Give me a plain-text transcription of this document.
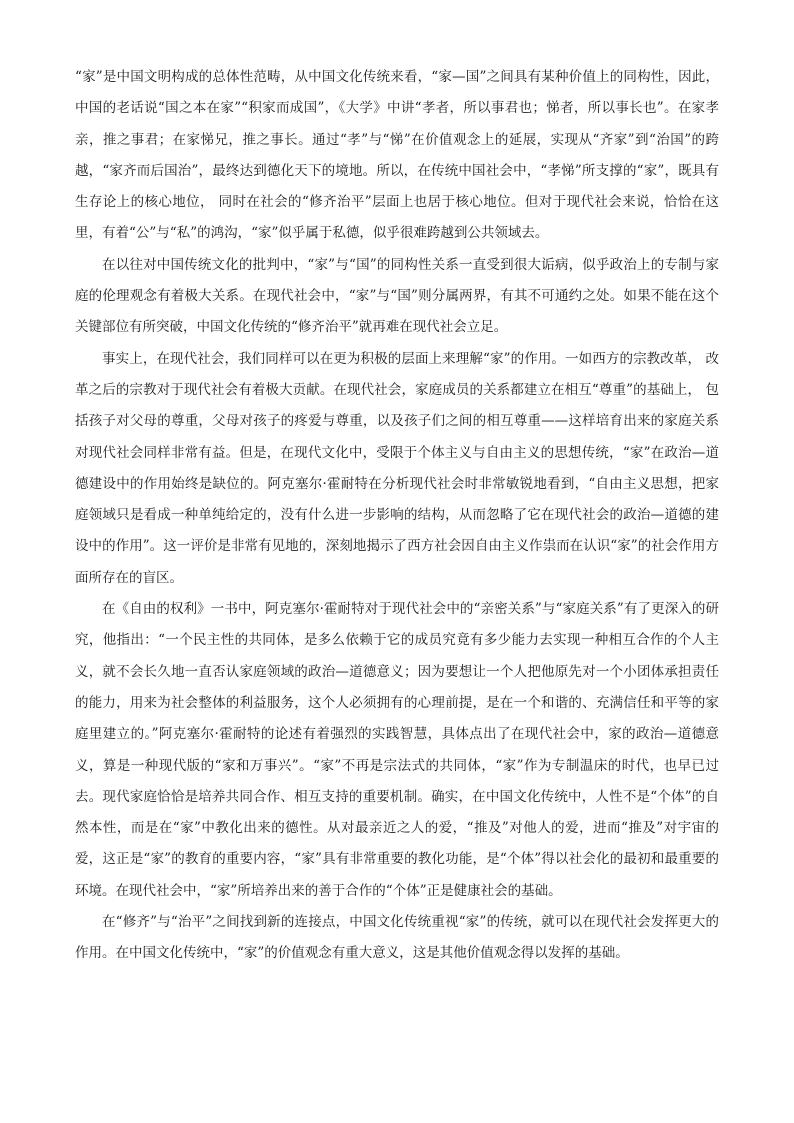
“家”是中国文明构成的总体性范畴，从中国文化传统来看，“家—国”之间具有某种价值上的同构性，因此，中国的老话说“国之本在家”“积家而成国”，《大学》中讲“孝者，所以事君也；悌者，所以事长也”。在家孝亲，推之事君；在家悌兄，推之事长。通过“孝”与“悌”在价值观念上的延展，实现从“齐家”到“治国”的跨越，“家齐而后国治”，最终达到德化天下的境地。所以，在传统中国社会中，“孝悌”所支撑的“家”，既具有生存论上的核心地位， 同时在社会的“修齐治平”层面上也居于核心地位。但对于现代社会来说，恰恰在这里，有着“公”与“私”的鸿沟，“家”似乎属于私德，似乎很难跨越到公共领域去。

在以往对中国传统文化的批判中，“家”与“国”的同构性关系一直受到很大诟病，似乎政治上的专制与家庭的伦理观念有着极大关系。在现代社会中，“家”与“国”则分属两界，有其不可通约之处。如果不能在这个关键部位有所突破，中国文化传统的“修齐治平”就再难在现代社会立足。

事实上，在现代社会，我们同样可以在更为积极的层面上来理解“家”的作用。一如西方的宗教改革， 改革之后的宗教对于现代社会有着极大贡献。在现代社会，家庭成员的关系都建立在相互“尊重”的基础上， 包括孩子对父母的尊重，父母对孩子的疼爱与尊重，以及孩子们之间的相互尊重——这样培育出来的家庭关系对现代社会同样非常有益。但是，在现代文化中，受限于个体主义与自由主义的思想传统，“家”在政治—道德建设中的作用始终是缺位的。阿克塞尔·霍耐特在分析现代社会时非常敏锐地看到，“自由主义思想，把家庭领域只是看成一种单纯给定的，没有什么进一步影响的结构，从而忽略了它在现代社会的政治—道德的建设中的作用”。这一评价是非常有见地的，深刻地揭示了西方社会因自由主义作祟而在认识“家”的社会作用方面所存在的盲区。

在《自由的权利》一书中，阿克塞尔·霍耐特对于现代社会中的“亲密关系”与“家庭关系”有了更深入的研究，他指出：“一个民主性的共同体，是多么依赖于它的成员究竟有多少能力去实现一种相互合作的个人主义，就不会长久地一直否认家庭领域的政治—道德意义；因为要想让一个人把他原先对一个小团体承担责任的能力，用来为社会整体的利益服务，这个人必须拥有的心理前提，是在一个和谐的、充满信任和平等的家庭里建立的。”阿克塞尔·霍耐特的论述有着强烈的实践智慧，具体点出了在现代社会中，家的政治—道德意义，算是一种现代版的“家和万事兴”。“家”不再是宗法式的共同体，“家”作为专制温床的时代，也早已过去。现代家庭恰恰是培养共同合作、相互支持的重要机制。确实，在中国文化传统中，人性不是“个体”的自然本性，而是在“家”中教化出来的德性。从对最亲近之人的爱，“推及”对他人的爱，进而“推及”对宇宙的爱，这正是“家”的教育的重要内容，“家”具有非常重要的教化功能，是“个体”得以社会化的最初和最重要的环境。在现代社会中，“家”所培养出来的善于合作的“个体”正是健康社会的基础。

在“修齐”与“治平”之间找到新的连接点，中国文化传统重视“家”的传统，就可以在现代社会发挥更大的作用。在中国文化传统中，“家”的价值观念有重大意义，这是其他价值观念得以发挥的基础。
